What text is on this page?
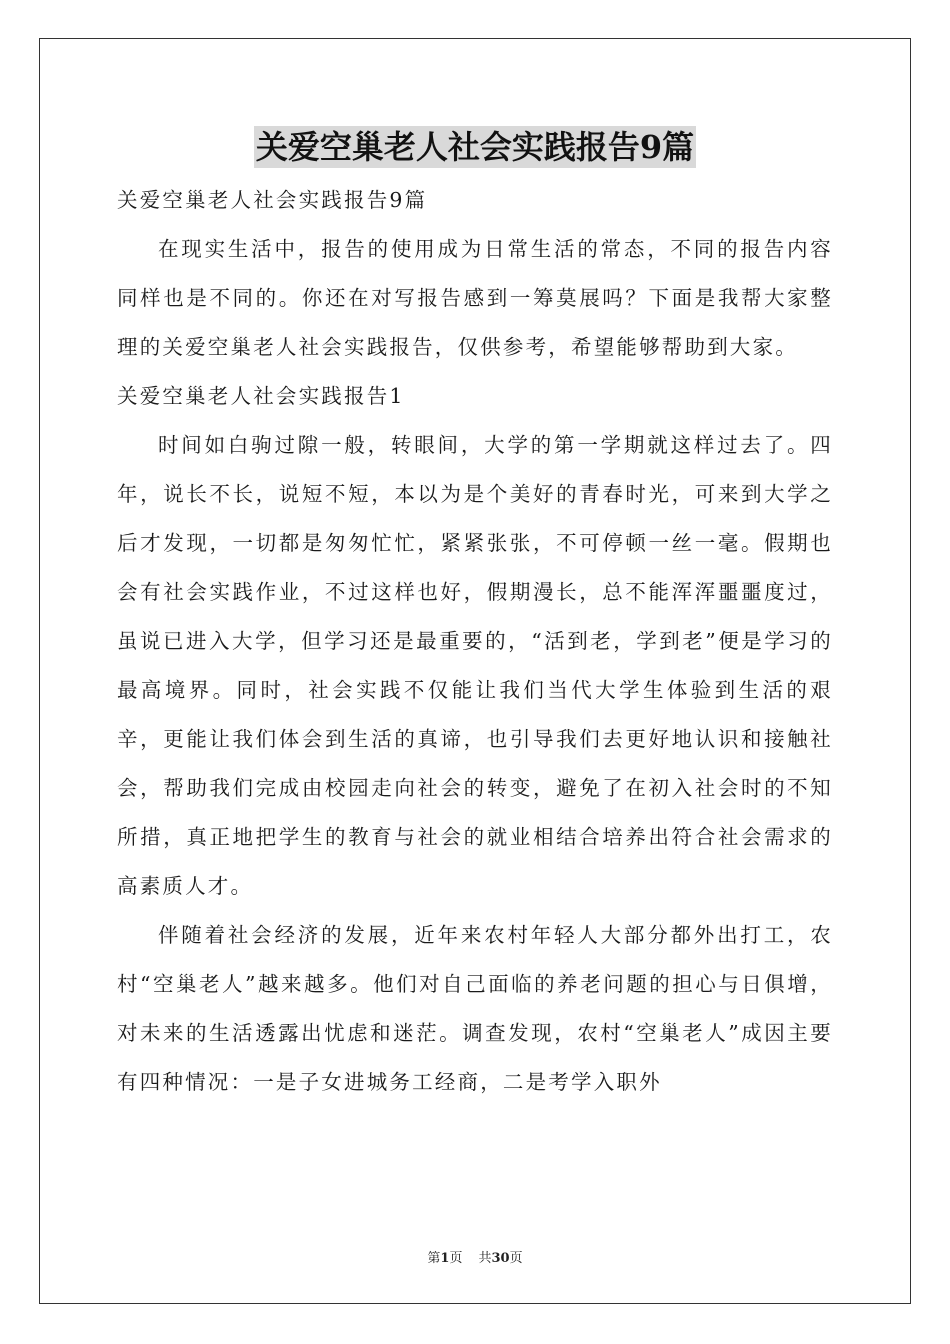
关爱空巢老人社会实践报告9篇

关爱空巢老人社会实践报告9篇

在现实生活中，报告的使用成为日常生活的常态，不同的报告内容同样也是不同的。你还在对写报告感到一筹莫展吗？下面是我帮大家整理的关爱空巢老人社会实践报告，仅供参考，希望能够帮助到大家。

关爱空巢老人社会实践报告1

时间如白驹过隙一般，转眼间，大学的第一学期就这样过去了。四年，说长不长，说短不短，本以为是个美好的青春时光，可来到大学之后才发现，一切都是匆匆忙忙，紧紧张张，不可停顿一丝一毫。假期也会有社会实践作业，不过这样也好，假期漫长，总不能浑浑噩噩度过，虽说已进入大学，但学习还是最重要的，“活到老，学到老”便是学习的最高境界。同时，社会实践不仅能让我们当代大学生体验到生活的艰辛，更能让我们体会到生活的真谛，也引导我们去更好地认识和接触社会，帮助我们完成由校园走向社会的转变，避免了在初入社会时的不知所措，真正地把学生的教育与社会的就业相结合培养出符合社会需求的高素质人才。

伴随着社会经济的发展，近年来农村年轻人大部分都外出打工，农村“空巢老人”越来越多。他们对自己面临的养老问题的担心与日俱增，对未来的生活透露出忧虑和迷茫。调查发现，农村“空巢老人”成因主要有四种情况：一是子女进城务工经商，二是考学入职外

第1页 共30页
